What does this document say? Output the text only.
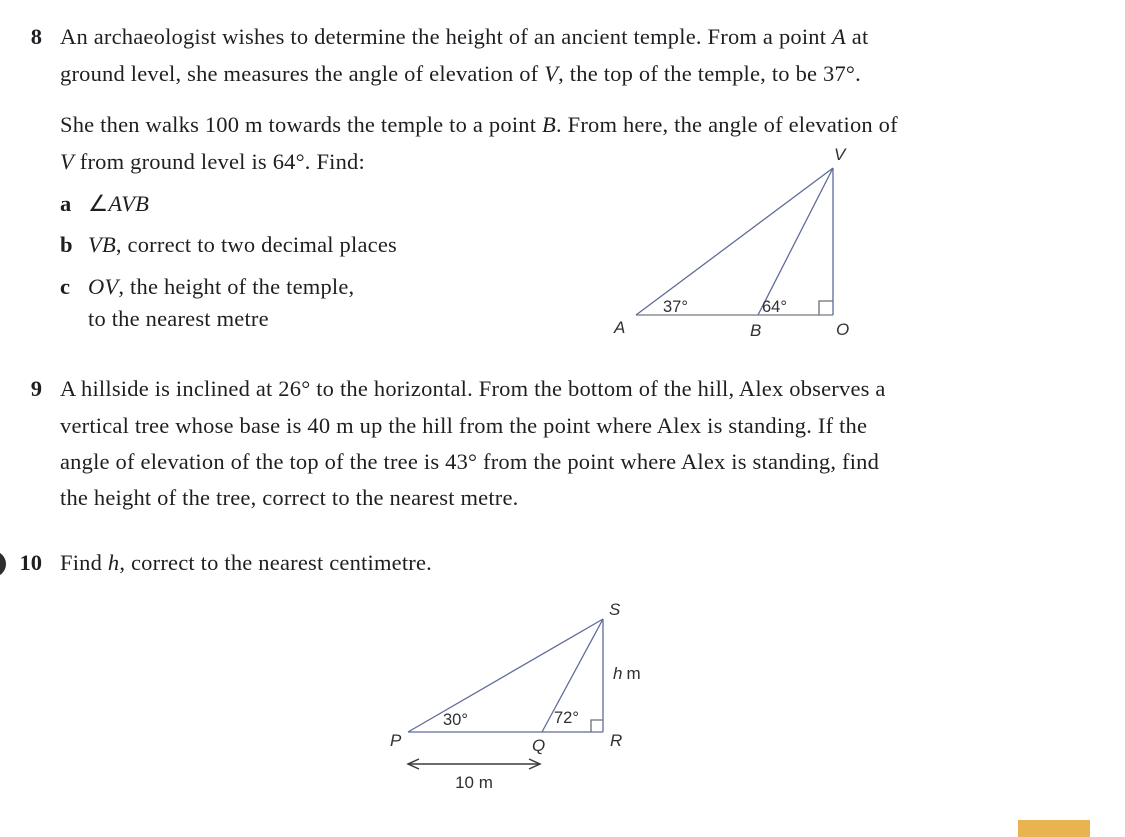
8 An archaeologist wishes to determine the height of an ancient temple. From a point A at
ground level, she measures the angle of elevation of V, the top of the temple, to be 37°.
She then walks 100 m towards the temple to a point B. From here, the angle of elevation of
V from ground level is 64°. Find:
a ∠AVB
b VB, correct to two decimal places
c OV, the height of the temple,
to the nearest metre
V
A	B	O
37°	64°
9 A hillside is inclined at 26° to the horizontal. From the bottom of the hill, Alex observes a
vertical tree whose base is 40 m up the hill from the point where Alex is standing. If the
angle of elevation of the top of the tree is 43° from the point where Alex is standing, find
the height of the tree, correct to the nearest metre.
10 Find h, correct to the nearest centimetre.
S
P	Q	R
30°	72°
h m
10 m
